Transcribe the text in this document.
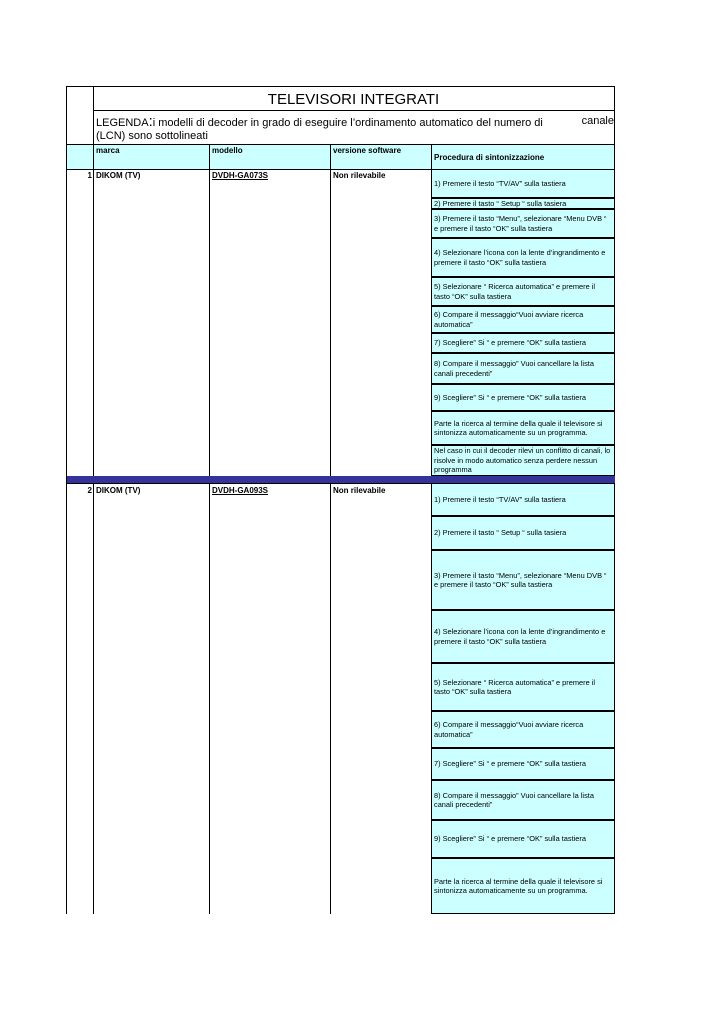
TELEVISORI INTEGRATI
LEGENDA:i modelli di decoder in grado di eseguire l’ordinamento automatico del numero di	canale
(LCN) sono sottolineati
marca	modello	versione software
Procedura di sintonizzazione
1 DIKOM (TV)	DVDH-GA073S	Non rilevabile
1) Premere il testo “TV/AV” sulla tastiera
2) Premere il tasto “ Setup “ sulla tasiera
3) Premere il tasto “Menu”, selezionare “Menu DVB “ e premere il tasto “OK” sulla tastiera
4) Selezionare l’icona con la lente d’ingrandimento e premere il tasto “OK” sulla tastiera
5) Selezionare “ Ricerca automatica” e premere il tasto “OK” sulla tastiera
6) Compare il messaggio“Vuoi avviare ricerca automatica”
7) Scegliere” Si “ e premere “OK” sulla tastiera
8) Compare il messaggio” Vuoi cancellare la lista canali precedenti”
9) Scegliere” Si “ e premere “OK” sulla tastiera
Parte la ricerca al termine della quale il televisore si sintonizza automaticamente su un programma.
Nel caso in cui il decoder rilevi un conflitto di canali, lo risolve in modo automatico senza perdere nessun programma
2 DIKOM (TV)	DVDH-GA093S	Non rilevabile
1) Premere il testo “TV/AV” sulla tastiera
2) Premere il tasto “ Setup “ sulla tasiera
3) Premere il tasto “Menu”, selezionare “Menu DVB “ e premere il tasto “OK” sulla tastiera
4) Selezionare l’icona con la lente d’ingrandimento e premere il tasto “OK” sulla tastiera
5) Selezionare “ Ricerca automatica” e premere il tasto “OK” sulla tastiera
6) Compare il messaggio“Vuoi avviare ricerca automatica”
7) Scegliere” Si “ e premere “OK” sulla tastiera
8) Compare il messaggio” Vuoi cancellare la lista canali precedenti”
9) Scegliere” Si “ e premere “OK” sulla tastiera
Parte la ricerca al termine della quale il televisore si sintonizza automaticamente su un programma.
